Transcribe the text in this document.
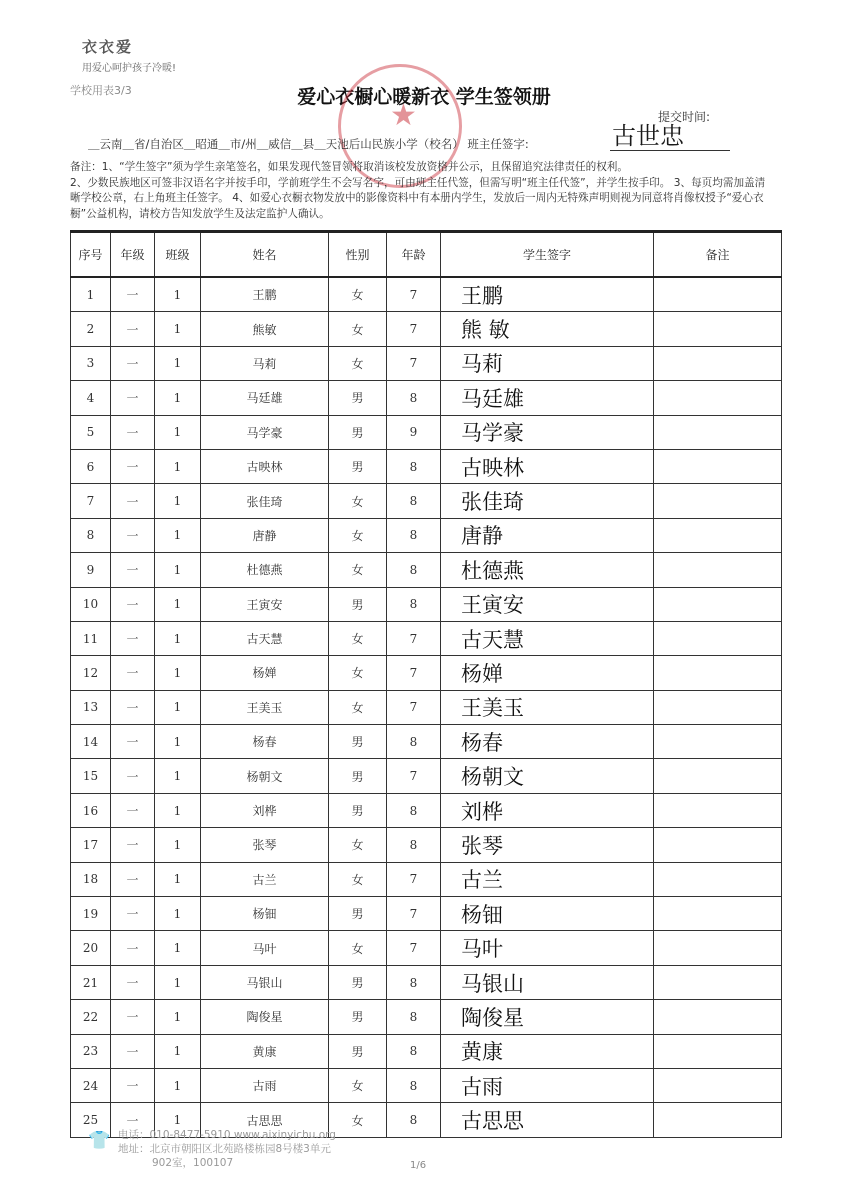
衣衣爱
用爱心呵护孩子冷暖!
学校用表3/3	爱心衣橱心暖新衣 学生签领册
★	提交时间:
＿云南＿省/自治区＿昭通＿市/州＿威信＿县＿天池后山民族小学（校名） 班主任签字:	古世忠

备注：1、“学生签字”须为学生亲笔签名，如果发现代签冒领将取消该校发放资格并公示，且保留追究法律责任的权利。

2、少数民族地区可签非汉语名字并按手印，学前班学生不会写名字，可由班主任代签，但需写明“班主任代签”，并学生按手印。 3、每页均需加盖清晰学校公章，右上角班主任签字。 4、如爱心衣橱衣物发放中的影像资料中有本册内学生，发放后一周内无特殊声明则视为同意将肖像权授予“爱心衣橱”公益机构，请校方告知发放学生及法定监护人确认。

序号	年级	班级	姓名	性别	年龄	学生签字	备注
1	一	1	王鹏	女	7	王鹏	
2	一	1	熊敏	女	7	熊 敏	
3	一	1	马莉	女	7	马莉	
4	一	1	马廷雄	男	8	马廷雄	
5	一	1	马学豪	男	9	马学豪	
6	一	1	古映林	男	8	古映林	
7	一	1	张佳琦	女	8	张佳琦	
8	一	1	唐静	女	8	唐静	
9	一	1	杜德燕	女	8	杜德燕	
10	一	1	王寅安	男	8	王寅安	
11	一	1	古天慧	女	7	古天慧	
12	一	1	杨婵	女	7	杨婵	
13	一	1	王美玉	女	7	王美玉	
14	一	1	杨春	男	8	杨春	
15	一	1	杨朝文	男	7	杨朝文	
16	一	1	刘桦	男	8	刘桦	
17	一	1	张琴	女	8	张琴	
18	一	1	古兰	女	7	古兰	
19	一	1	杨钿	男	7	杨钿	
20	一	1	马叶	女	7	马叶	
21	一	1	马银山	男	8	马银山	
22	一	1	陶俊星	男	8	陶俊星	
23	一	1	黄康	男	8	黄康	
24	一	1	古雨	女	8	古雨	
25	一	1	古思思	女	8	古思思	
👕 电话：010-8477-5910 www.aixinyichu.org
地址：北京市朝阳区北苑路楼栋园8号楼3单元
902室，100107	1/6
